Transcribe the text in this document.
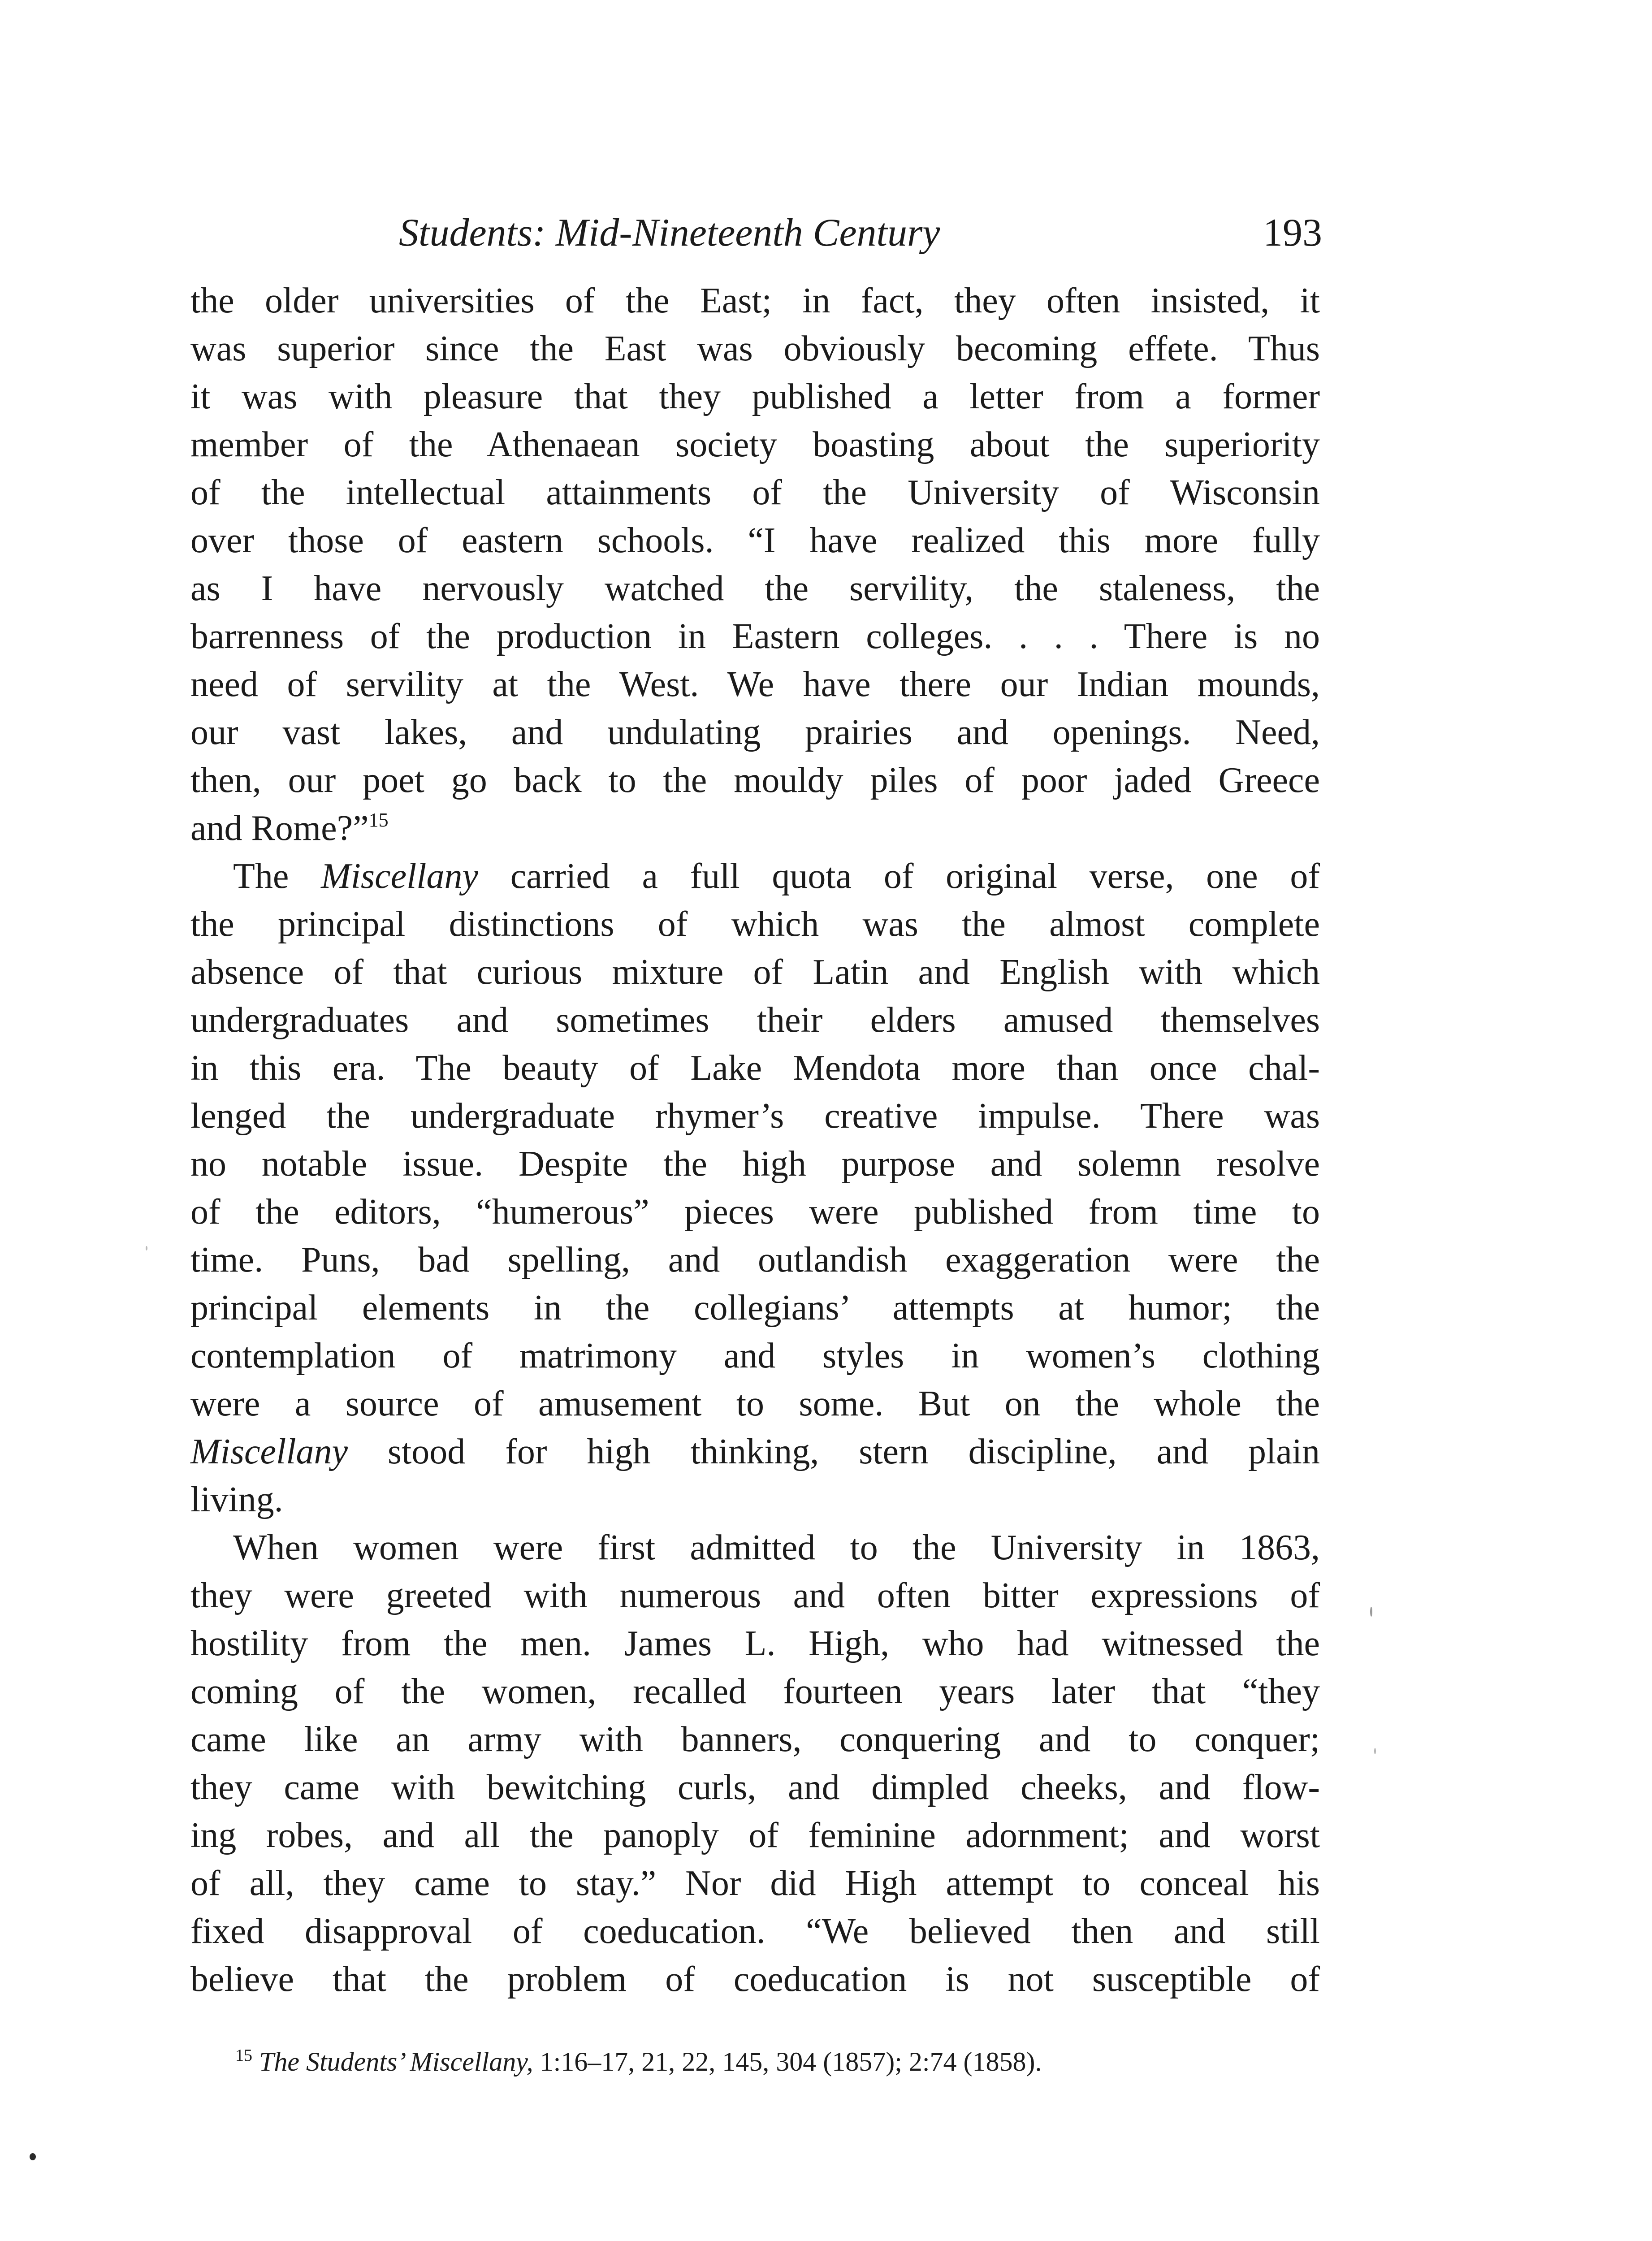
Students: Mid-Nineteenth Century	193
the older universities of the East; in fact, they often insisted, it
was superior since the East was obviously becoming effete. Thus
it was with pleasure that they published a letter from a former
member of the Athenaean society boasting about the superiority
of the intellectual attainments of the University of Wisconsin
over those of eastern schools. “I have realized this more fully
as I have nervously watched the servility, the staleness, the
barrenness of the production in Eastern colleges. . . . There is no
need of servility at the West. We have there our Indian mounds,
our vast lakes, and undulating prairies and openings. Need,
then, our poet go back to the mouldy piles of poor jaded Greece
and Rome?”$^{15}$
The Miscellany carried a full quota of original verse, one of
the principal distinctions of which was the almost complete
absence of that curious mixture of Latin and English with which
undergraduates and sometimes their elders amused themselves
in this era. The beauty of Lake Mendota more than once chal-
lenged the undergraduate rhymer’s creative impulse. There was
no notable issue. Despite the high purpose and solemn resolve
of the editors, “humerous” pieces were published from time to
time. Puns, bad spelling, and outlandish exaggeration were the
principal elements in the collegians’ attempts at humor; the
contemplation of matrimony and styles in women’s clothing
were a source of amusement to some. But on the whole the
Miscellany stood for high thinking, stern discipline, and plain
living.
When women were first admitted to the University in 1863,
they were greeted with numerous and often bitter expressions of
hostility from the men. James L. High, who had witnessed the
coming of the women, recalled fourteen years later that “they
came like an army with banners, conquering and to conquer;
they came with bewitching curls, and dimpled cheeks, and flow-
ing robes, and all the panoply of feminine adornment; and worst
of all, they came to stay.” Nor did High attempt to conceal his
fixed disapproval of coeducation. “We believed then and still
believe that the problem of coeducation is not susceptible of
$^{15}$ The Students’ Miscellany, 1:16–17, 21, 22, 145, 304 (1857); 2:74 (1858).
